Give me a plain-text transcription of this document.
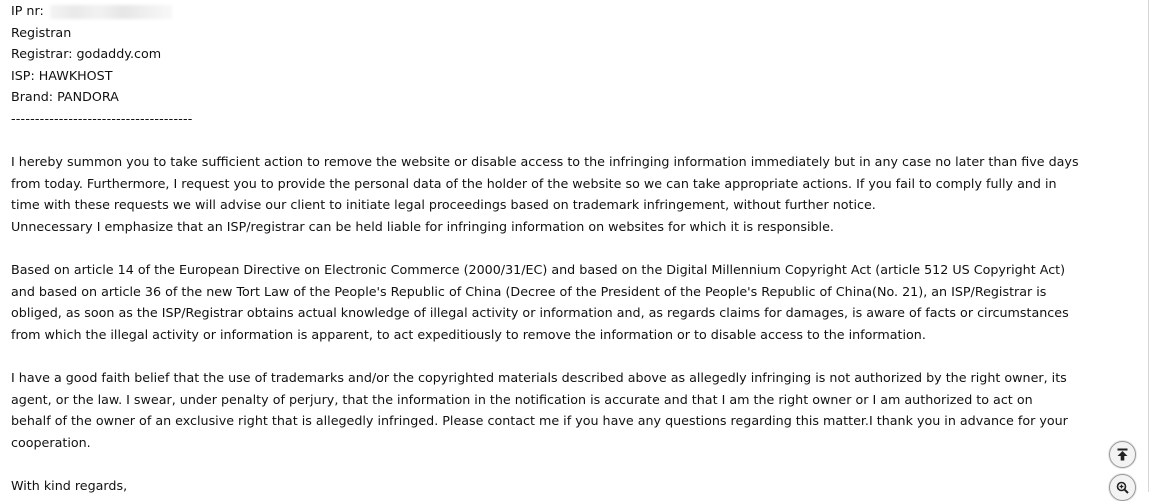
IP nr:
Registran
Registrar: godaddy.com
ISP: HAWKHOST
Brand: PANDORA
--------------------------------------
I hereby summon you to take sufficient action to remove the website or disable access to the infringing information immediately but in any case no later than five days
from today. Furthermore, I request you to provide the personal data of the holder of the website so we can take appropriate actions. If you fail to comply fully and in
time with these requests we will advise our client to initiate legal proceedings based on trademark infringement, without further notice.
Unnecessary I emphasize that an ISP/registrar can be held liable for infringing information on websites for which it is responsible.
Based on article 14 of the European Directive on Electronic Commerce (2000/31/EC) and based on the Digital Millennium Copyright Act (article 512 US Copyright Act)
and based on article 36 of the new Tort Law of the People's Republic of China (Decree of the President of the People's Republic of China(No. 21), an ISP/Registrar is
obliged, as soon as the ISP/Registrar obtains actual knowledge of illegal activity or information and, as regards claims for damages, is aware of facts or circumstances
from which the illegal activity or information is apparent, to act expeditiously to remove the information or to disable access to the information.
I have a good faith belief that the use of trademarks and/or the copyrighted materials described above as allegedly infringing is not authorized by the right owner, its
agent, or the law. I swear, under penalty of perjury, that the information in the notification is accurate and that I am the right owner or I am authorized to act on
behalf of the owner of an exclusive right that is allegedly infringed. Please contact me if you have any questions regarding this matter.I thank you in advance for your
cooperation.
With kind regards,
